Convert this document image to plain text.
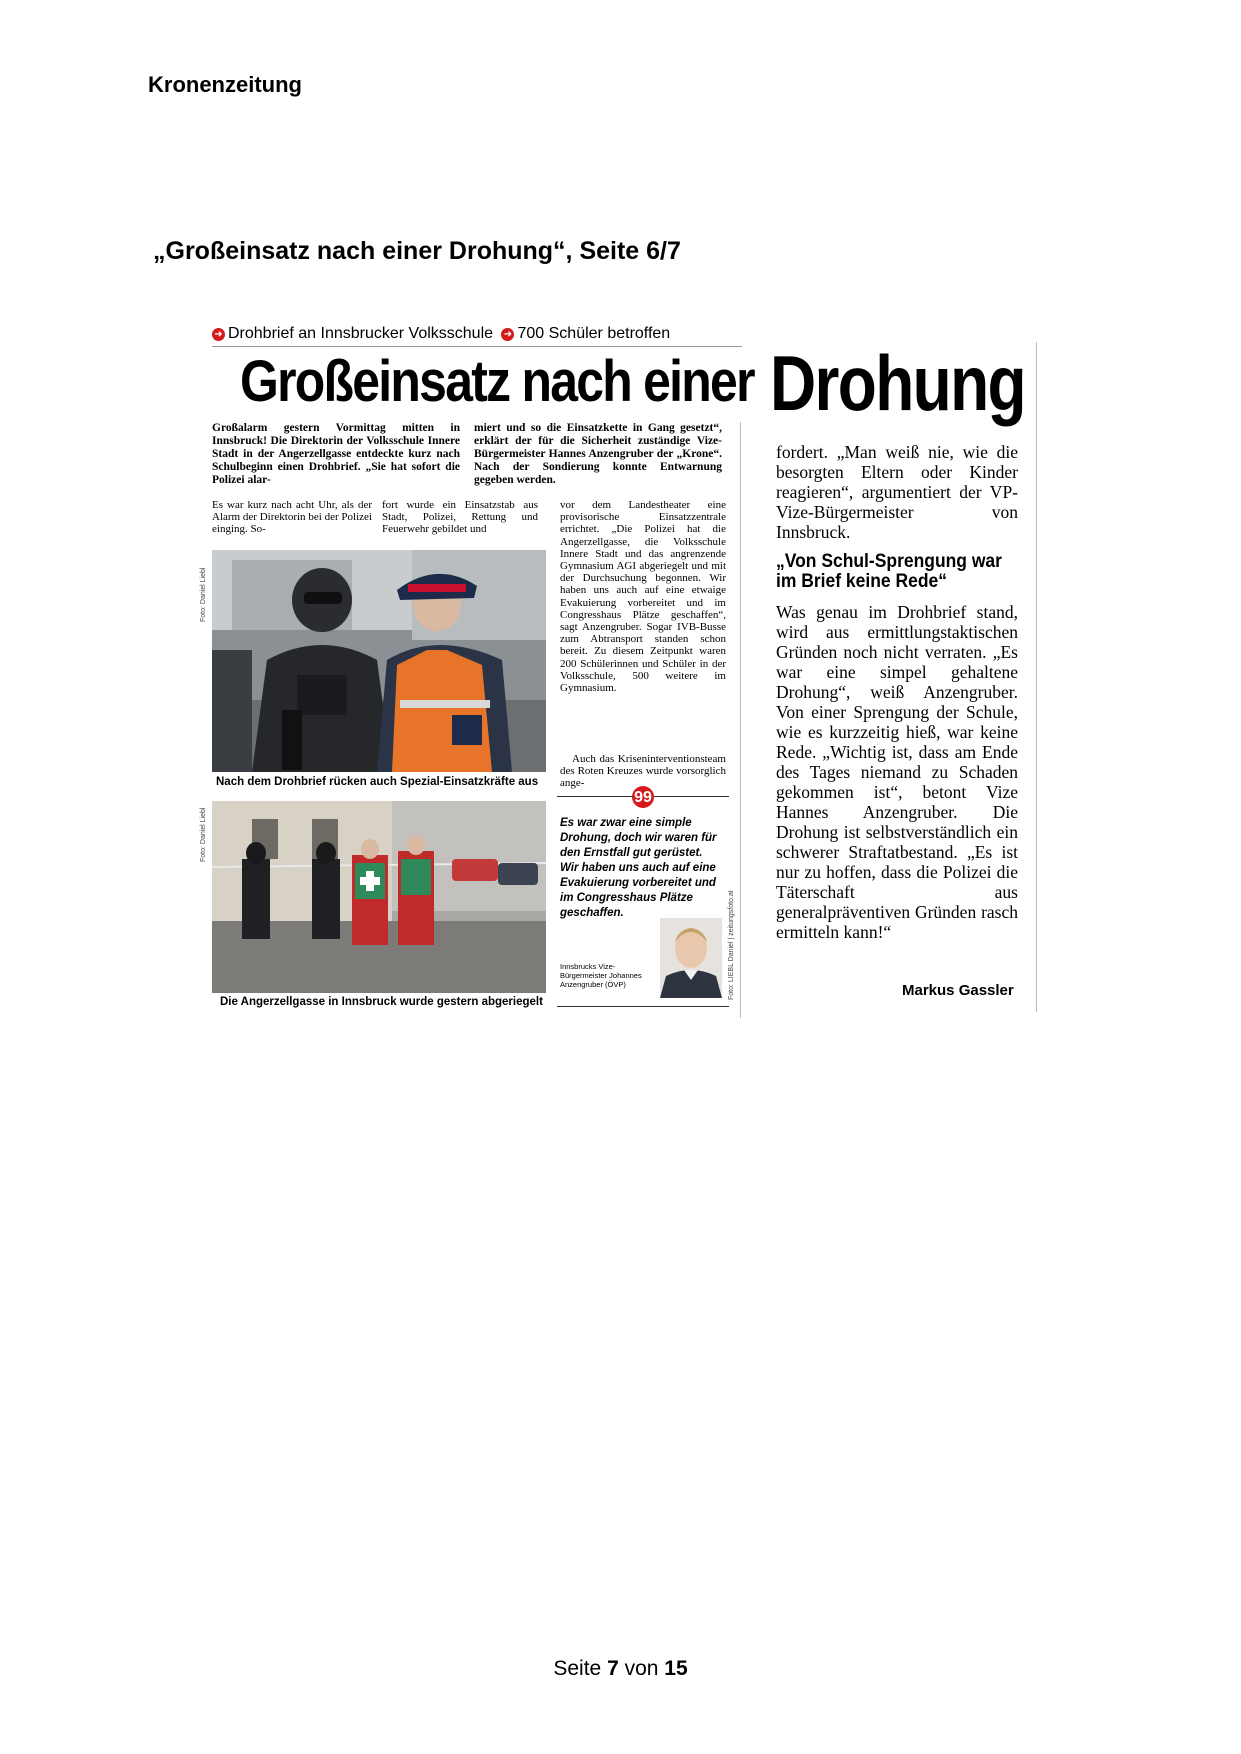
Kronenzeitung
„Großeinsatz nach einer Drohung“, Seite 6/7
➜ Drohbrief an Innsbrucker Volksschule ➜ 700 Schüler betroffen
Großeinsatz nach einer Drohung
Großalarm gestern Vormittag mitten in Innsbruck! Die Direktorin der Volksschule Innere Stadt in der Angerzellgasse entdeckte kurz nach Schulbeginn einen Drohbrief. „Sie hat sofort die Polizei alar-
miert und so die Einsatzkette in Gang gesetzt“, erklärt der für die Sicherheit zuständige Vize-Bürgermeister Hannes Anzengruber der „Krone“. Nach der Sondierung konnte Entwarnung gegeben werden.
Es war kurz nach acht Uhr, als der Alarm der Direktorin bei der Polizei einging. So-
fort wurde ein Einsatzstab aus Stadt, Polizei, Rettung und Feuerwehr gebildet und
vor dem Landestheater eine provisorische Einsatzzentrale errichtet. „Die Polizei hat die Angerzellgasse, die Volksschule Innere Stadt und das angrenzende Gymnasium AGI abgeriegelt und mit der Durchsuchung begonnen. Wir haben uns auch auf eine etwaige Evakuierung vorbereitet und im Congresshaus Plätze geschaffen“, sagt Anzengruber. Sogar IVB-Busse zum Abtransport standen schon bereit. Zu diesem Zeitpunkt waren 200 Schülerinnen und Schüler in der Volksschule, 500 weitere im Gymnasium.
Auch das Kriseninterventionsteam des Roten Kreuzes wurde vorsorglich ange-
Foto: Daniel Liebl
Nach dem Drohbrief rücken auch Spezial-Einsatzkräfte aus
99
Es war zwar eine simple Drohung, doch wir waren für den Ernstfall gut gerüstet. Wir haben uns auch auf eine Evakuierung vorbereitet und im Congresshaus Plätze geschaffen.
Innsbrucks Vize-Bürgermeister Johannes Anzengruber (ÖVP)	Foto: LIEBL Daniel | zeitungsfoto.at
Foto: Daniel Liebl
Die Angerzellgasse in Innsbruck wurde gestern abgeriegelt
fordert. „Man weiß nie, wie die besorgten Eltern oder Kinder reagieren“, argumentiert der VP-Vize-Bürgermeister von Innsbruck.
„Von Schul-Sprengung war im Brief keine Rede“
Was genau im Drohbrief stand, wird aus ermittlungstaktischen Gründen noch nicht verraten. „Es war eine simpel gehaltene Drohung“, weiß Anzengruber. Von einer Sprengung der Schule, wie es kurzzeitig hieß, war keine Rede. „Wichtig ist, dass am Ende des Tages niemand zu Schaden gekommen ist“, betont Vize Hannes Anzengruber. Die Drohung ist selbstverständlich ein schwerer Straftatbestand. „Es ist nur zu hoffen, dass die Polizei die Täterschaft aus generalpräventiven Gründen rasch ermitteln kann!“
Markus Gassler
Seite 7 von 15
